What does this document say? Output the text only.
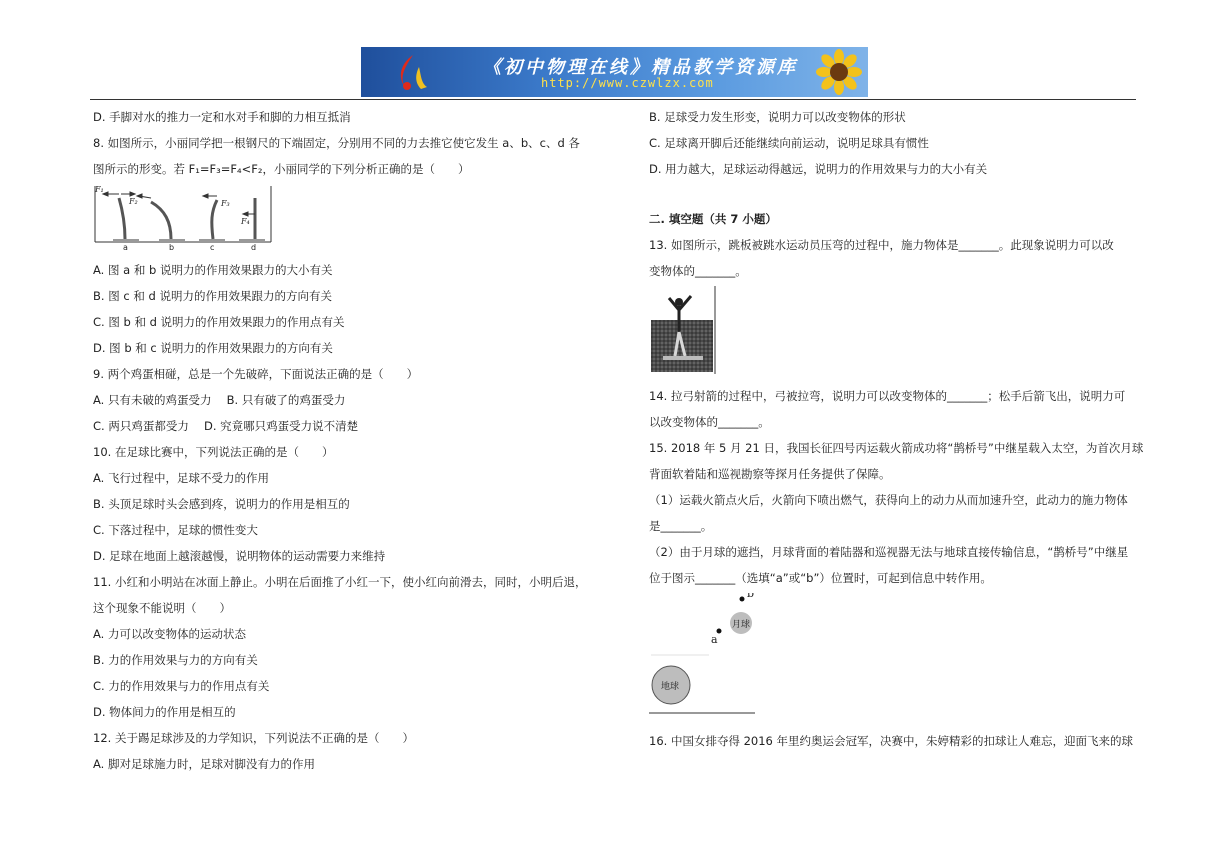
《初中物理在线》精品教学资源库
http://www.czwlzx.com
D. 手脚对水的推力一定和水对手和脚的力相互抵消
8. 如图所示，小丽同学把一根钢尺的下端固定，分别用不同的力去推它使它发生 a、b、c、d 各
图所示的形变。若 F₁=F₃=F₄<F₂，小丽同学的下列分析正确的是（　　）
F₁
F₂	F₃
F₄
a	b	c	d
A. 图 a 和 b 说明力的作用效果跟力的大小有关
B. 图 c 和 d 说明力的作用效果跟力的方向有关
C. 图 b 和 d 说明力的作用效果跟力的作用点有关
D. 图 b 和 c 说明力的作用效果跟力的方向有关
9. 两个鸡蛋相碰，总是一个先破碎，下面说法正确的是（　　）
A. 只有未破的鸡蛋受力　 B. 只有破了的鸡蛋受力
C. 两只鸡蛋都受力　 D. 究竟哪只鸡蛋受力说不清楚
10. 在足球比赛中，下列说法正确的是（　　）
A. 飞行过程中，足球不受力的作用
B. 头顶足球时头会感到疼，说明力的作用是相互的
C. 下落过程中，足球的惯性变大
D. 足球在地面上越滚越慢，说明物体的运动需要力来维持
11. 小红和小明站在冰面上静止。小明在后面推了小红一下，使小红向前滑去，同时，小明后退，
这个现象不能说明（　　）
A. 力可以改变物体的运动状态
B. 力的作用效果与力的方向有关
C. 力的作用效果与力的作用点有关
D. 物体间力的作用是相互的
12. 关于踢足球涉及的力学知识，下列说法不正确的是（　　）
A. 脚对足球施力时，足球对脚没有力的作用
B. 足球受力发生形变，说明力可以改变物体的形状
C. 足球离开脚后还能继续向前运动，说明足球具有惯性
D. 用力越大，足球运动得越远，说明力的作用效果与力的大小有关
二. 填空题（共 7 小题）
13. 如图所示，跳板被跳水运动员压弯的过程中，施力物体是_______。此现象说明力可以改
变物体的_______。
14. 拉弓射箭的过程中，弓被拉弯，说明力可以改变物体的_______；松手后箭飞出，说明力可
以改变物体的_______。
15. 2018 年 5 月 21 日，我国长征四号丙运载火箭成功将“鹊桥号”中继星载入太空，为首次月球
背面软着陆和巡视勘察等探月任务提供了保障。
（1）运载火箭点火后，火箭向下喷出燃气，获得向上的动力从而加速升空，此动力的施力物体
是_______。
（2）由于月球的遮挡，月球背面的着陆器和巡视器无法与地球直接传输信息，“鹊桥号”中继星
位于图示_______（选填“a”或“b”）位置时，可起到信息中转作用。
月球
b
a
地球
16. 中国女排夺得 2016 年里约奥运会冠军，决赛中，朱婷精彩的扣球让人难忘，迎面飞来的球
